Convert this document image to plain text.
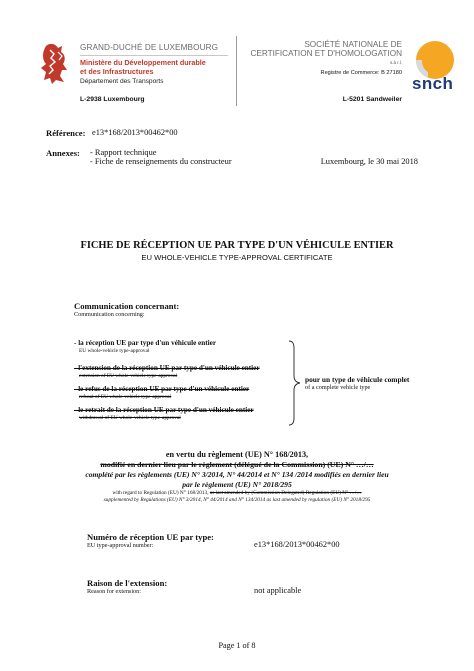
GRAND-DUCHÉ DE LUXEMBOURG
Ministère du Développement durable
et des Infrastructures
Département des Transports
L-2938 Luxembourg
SOCIÉTÉ NATIONALE DE
CERTIFICATION ET D'HOMOLOGATION
s.à r.l.
Registre de Commerce: B 27180
L-5201 Sandweiler
snch
Référence: e13*168/2013*00462*00
Annexes: - Rapport technique
- Fiche de renseignements du constructeur	Luxembourg, le 30 mai 2018
FICHE DE RÉCEPTION UE PAR TYPE D'UN VÉHICULE ENTIER
EU WHOLE-VEHICLE TYPE-APPROVAL CERTIFICATE
Communication concernant:
Communication concerning:
- la réception UE par type d'un véhicule entier
EU whole-vehicle type-approval
- l'extension de la réception UE par type d'un véhicule entier
extension of EU whole-vehicle type-approval
- le refus de la réception UE par type d'un véhicule entier
refusal of EU whole-vehicle type-approval
- le retrait de la réception UE par type d'un véhicule entier
withdrawal of EU whole-vehicle type-approval
pour un type de véhicule complet
of a complete vehicle type
en vertu du règlement (UE) N° 168/2013,
modifié en dernier lieu par le règlement (délégué de la Commission) (UE) N° …/…
complété par les règlements (UE) N° 3/2014, N° 44/2014 et N° 134 /2014 modifiés en dernier lieu
par le règlement (UE) N° 2018/295
with regard to Regulation (EU) N° 168/2013, as last amended by (Commission Delegated) Regulation (EU) N° …/…
supplemented by Regulations (EU) N° 3/2014, N° 44/2014 and N° 134/2014 as last amended by regulation (EU) N° 2018/295
Numéro de réception UE par type:
EU type-approval number:	e13*168/2013*00462*00
Raison de l'extension:
Reason for extension:	not applicable
Page 1 of 8
